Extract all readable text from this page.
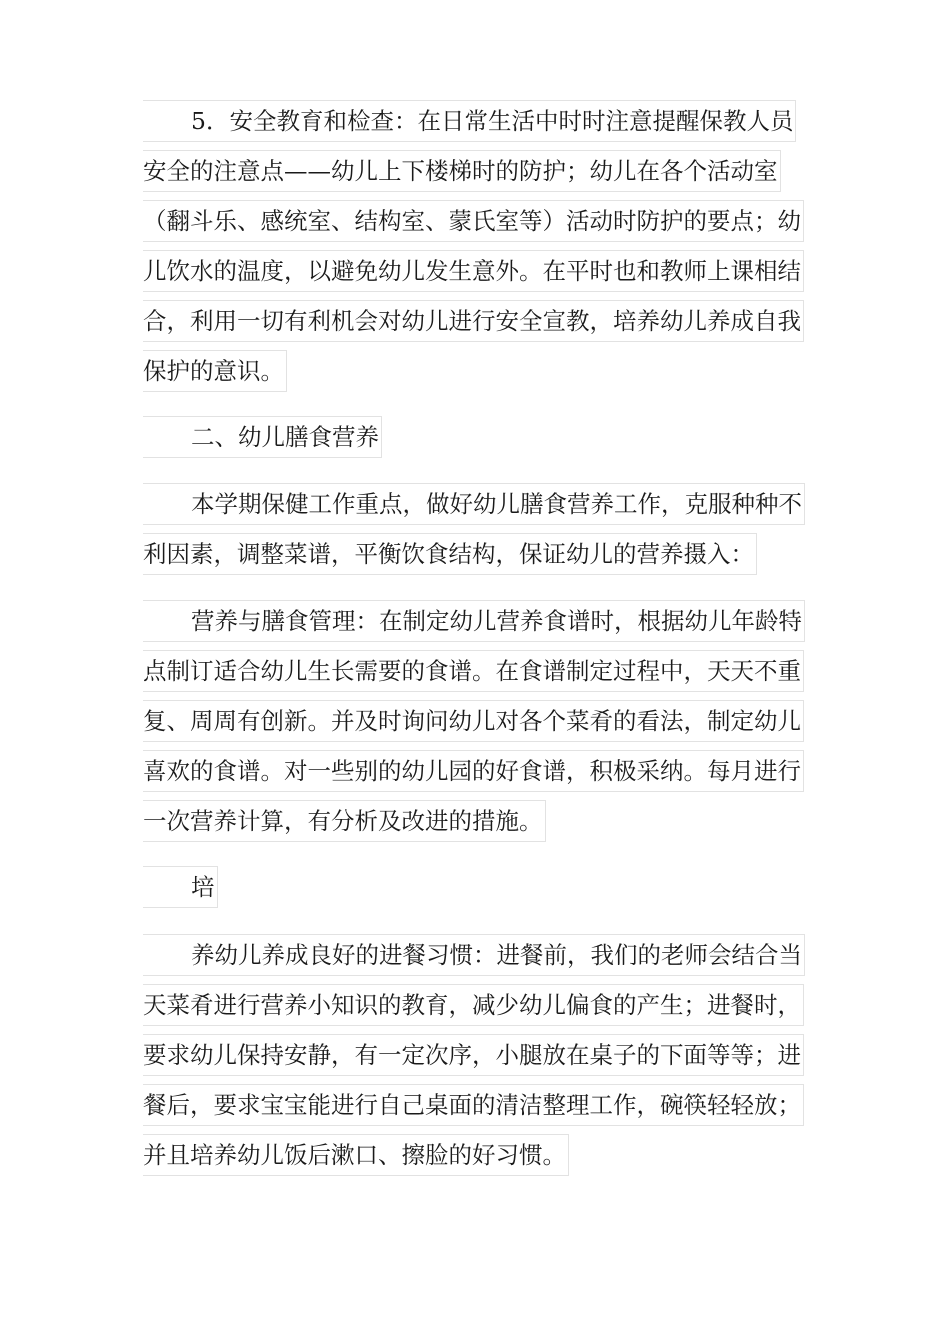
5．安全教育和检查：在日常生活中时时注意提醒保教人员
安全的注意点——幼儿上下楼梯时的防护；幼儿在各个活动室
（翻斗乐、感统室、结构室、蒙氏室等）活动时防护的要点；幼
儿饮水的温度，以避免幼儿发生意外。在平时也和教师上课相结
合，利用一切有利机会对幼儿进行安全宣教，培养幼儿养成自我
保护的意识。
二、幼儿膳食营养
本学期保健工作重点，做好幼儿膳食营养工作，克服种种不
利因素，调整菜谱，平衡饮食结构，保证幼儿的营养摄入：
营养与膳食管理：在制定幼儿营养食谱时，根据幼儿年龄特
点制订适合幼儿生长需要的食谱。在食谱制定过程中，天天不重
复、周周有创新。并及时询问幼儿对各个菜肴的看法，制定幼儿
喜欢的食谱。对一些别的幼儿园的好食谱，积极采纳。每月进行
一次营养计算，有分析及改进的措施。
培
养幼儿养成良好的进餐习惯：进餐前，我们的老师会结合当
天菜肴进行营养小知识的教育，减少幼儿偏食的产生；进餐时，
要求幼儿保持安静，有一定次序，小腿放在桌子的下面等等；进
餐后，要求宝宝能进行自己桌面的清洁整理工作，碗筷轻轻放；
并且培养幼儿饭后漱口、擦脸的好习惯。
